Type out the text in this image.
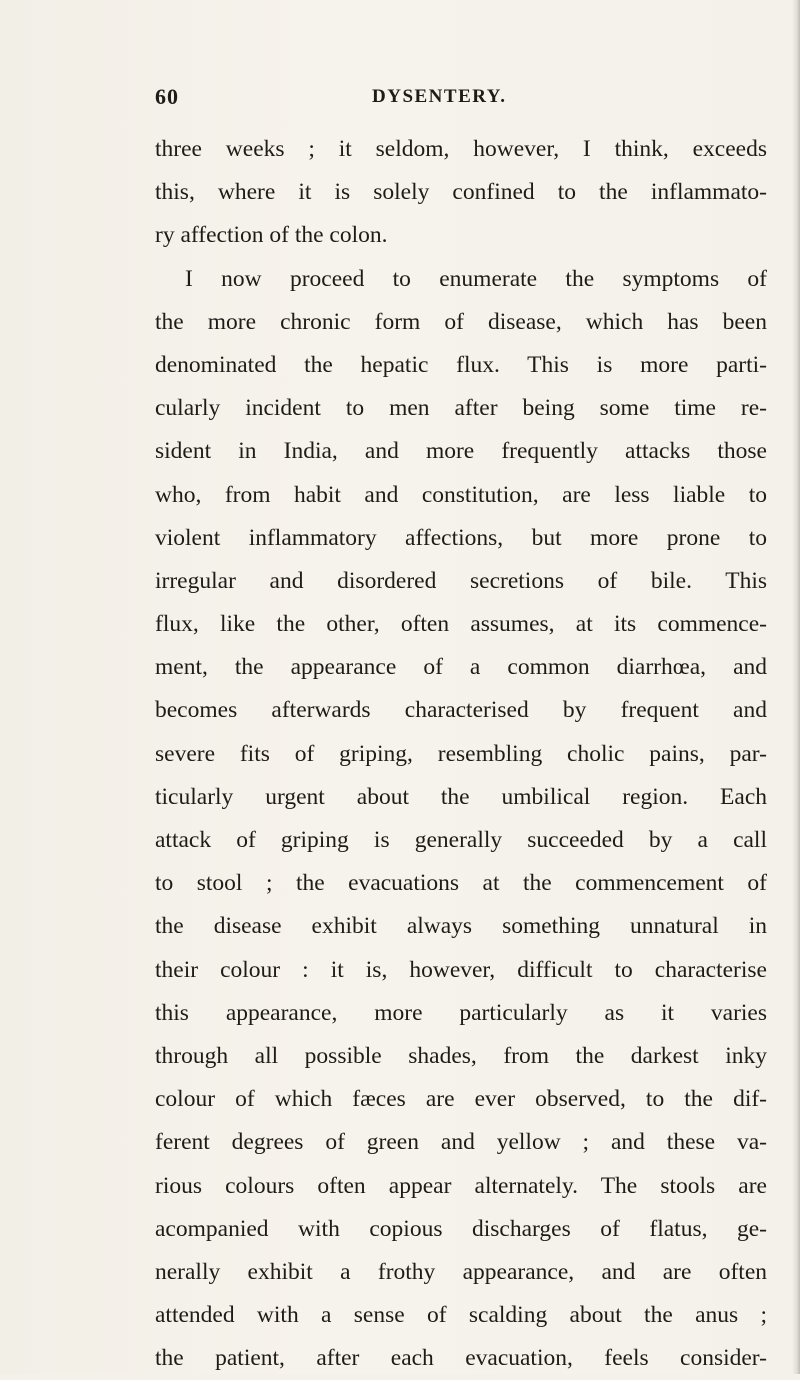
60	DYSENTERY.
three weeks ; it seldom, however, I think, exceeds
this, where it is solely confined to the inflammato-
ry affection of the colon.
I now proceed to enumerate the symptoms of
the more chronic form of disease, which has been
denominated the hepatic flux. This is more parti-
cularly incident to men after being some time re-
sident in India, and more frequently attacks those
who, from habit and constitution, are less liable to
violent inflammatory affections, but more prone to
irregular and disordered secretions of bile. This
flux, like the other, often assumes, at its commence-
ment, the appearance of a common diarrhœa, and
becomes afterwards characterised by frequent and
severe fits of griping, resembling cholic pains, par-
ticularly urgent about the umbilical region. Each
attack of griping is generally succeeded by a call
to stool ; the evacuations at the commencement of
the disease exhibit always something unnatural in
their colour : it is, however, difficult to characterise
this appearance, more particularly as it varies
through all possible shades, from the darkest inky
colour of which fæces are ever observed, to the dif-
ferent degrees of green and yellow ; and these va-
rious colours often appear alternately. The stools are
acompanied with copious discharges of flatus, ge-
nerally exhibit a frothy appearance, and are often
attended with a sense of scalding about the anus ;
the patient, after each evacuation, feels consider-
